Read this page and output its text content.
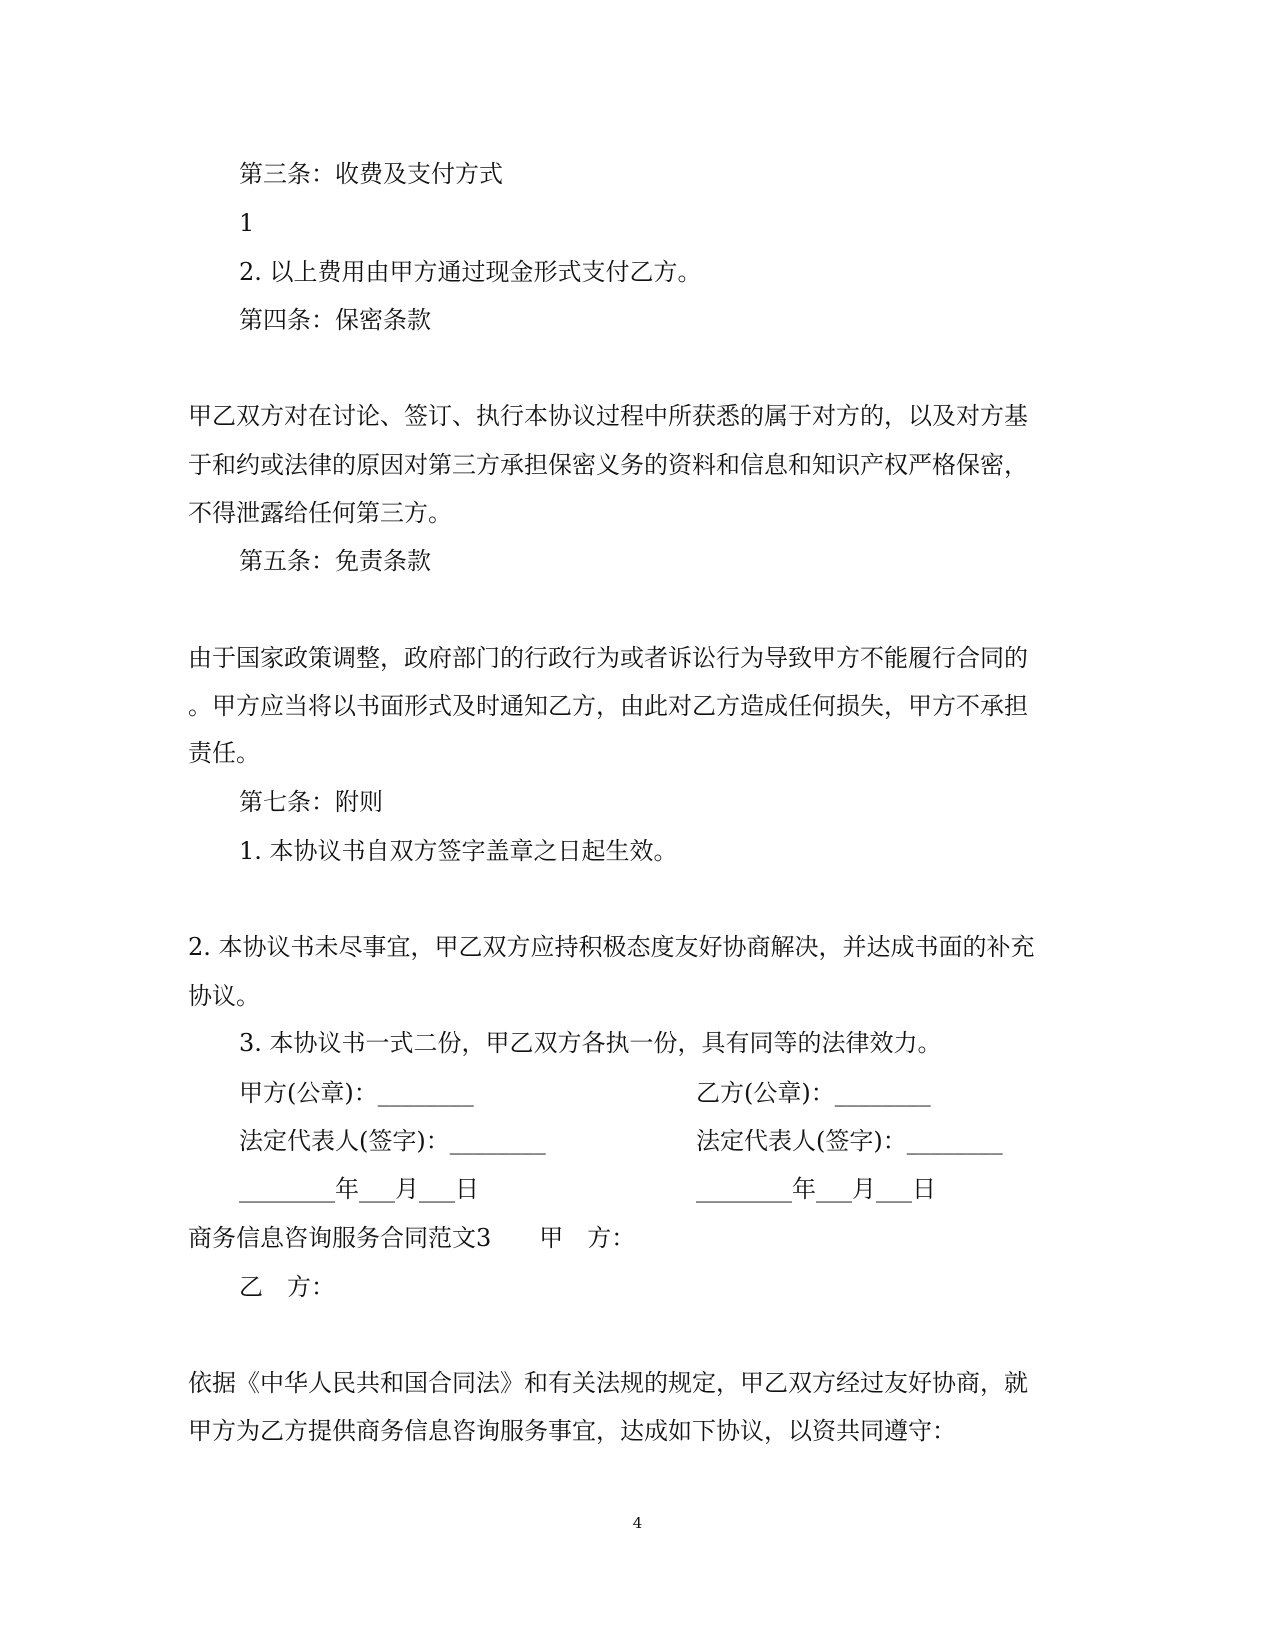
第三条：收费及支付方式
1
2. 以上费用由甲方通过现金形式支付乙方。
第四条：保密条款
甲乙双方对在讨论、签订、执行本协议过程中所获悉的属于对方的，以及对方基
于和约或法律的原因对第三方承担保密义务的资料和信息和知识产权严格保密，
不得泄露给任何第三方。
第五条：免责条款
由于国家政策调整，政府部门的行政行为或者诉讼行为导致甲方不能履行合同的
。甲方应当将以书面形式及时通知乙方，由此对乙方造成任何损失，甲方不承担
责任。
第七条：附则
1. 本协议书自双方签字盖章之日起生效。
2. 本协议书未尽事宜，甲乙双方应持积极态度友好协商解决，并达成书面的补充
协议。
3. 本协议书一式二份，甲乙双方各执一份，具有同等的法律效力。
甲方(公章)：________	乙方(公章)：________
法定代表人(签字)：________	法定代表人(签字)：________
________年___月___日	________年___月___日
商务信息咨询服务合同范文3　　甲　方：
乙　方：
依据《中华人民共和国合同法》和有关法规的规定，甲乙双方经过友好协商，就
甲方为乙方提供商务信息咨询服务事宜，达成如下协议，以资共同遵守：
4
